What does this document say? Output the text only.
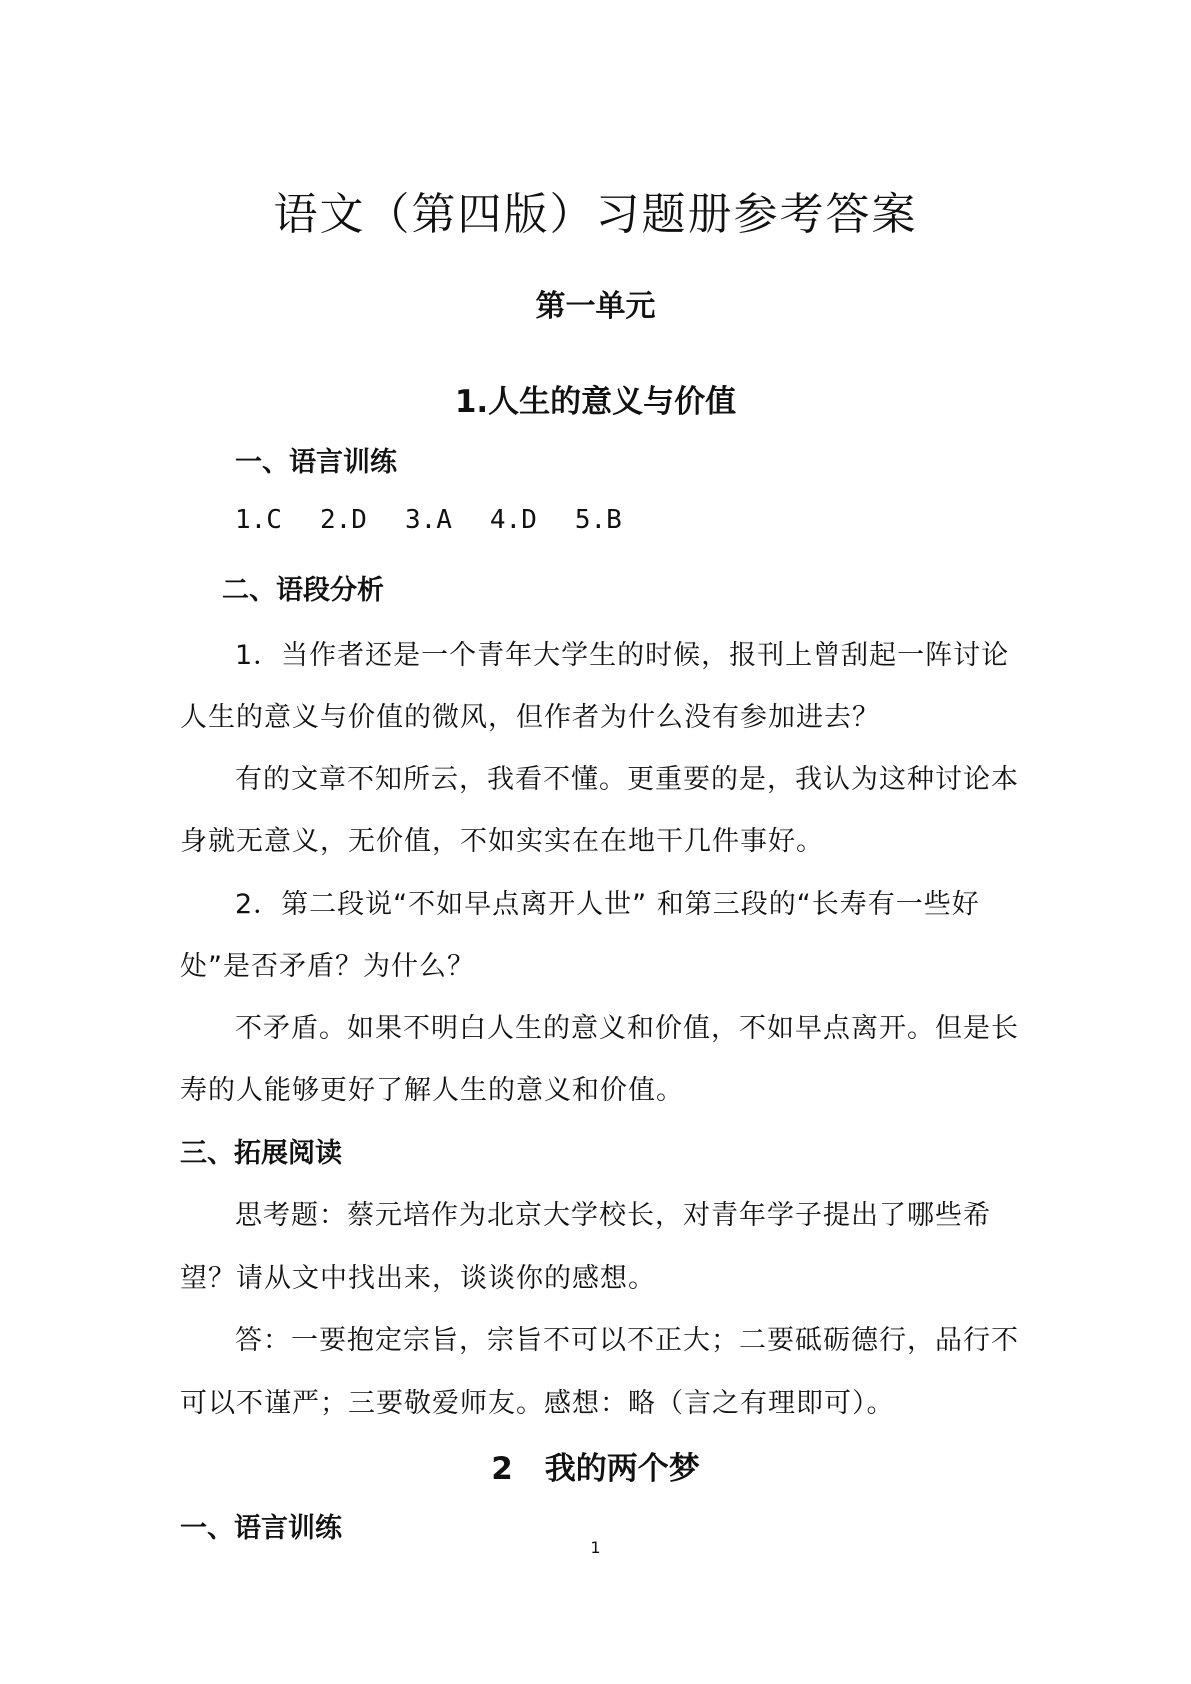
语文（第四版）习题册参考答案
第一单元
1.人生的意义与价值

一、语言训练

1.C 2.D 3.A 4.D 5.B

二、语段分析

1．当作者还是一个青年大学生的时候，报刊上曾刮起一阵讨论

人生的意义与价值的微风，但作者为什么没有参加进去？

有的文章不知所云，我看不懂。更重要的是，我认为这种讨论本

身就无意义，无价值，不如实实在在地干几件事好。

2．第二段说“不如早点离开人世” 和第三段的“长寿有一些好

处”是否矛盾？为什么？

不矛盾。如果不明白人生的意义和价值，不如早点离开。但是长

寿的人能够更好了解人生的意义和价值。

三、拓展阅读

思考题：蔡元培作为北京大学校长，对青年学子提出了哪些希

望？请从文中找出来，谈谈你的感想。

答：一要抱定宗旨，宗旨不可以不正大；二要砥砺德行，品行不

可以不谨严；三要敬爱师友。感想：略（言之有理即可）。

2 我的两个梦

一、语言训练

1
